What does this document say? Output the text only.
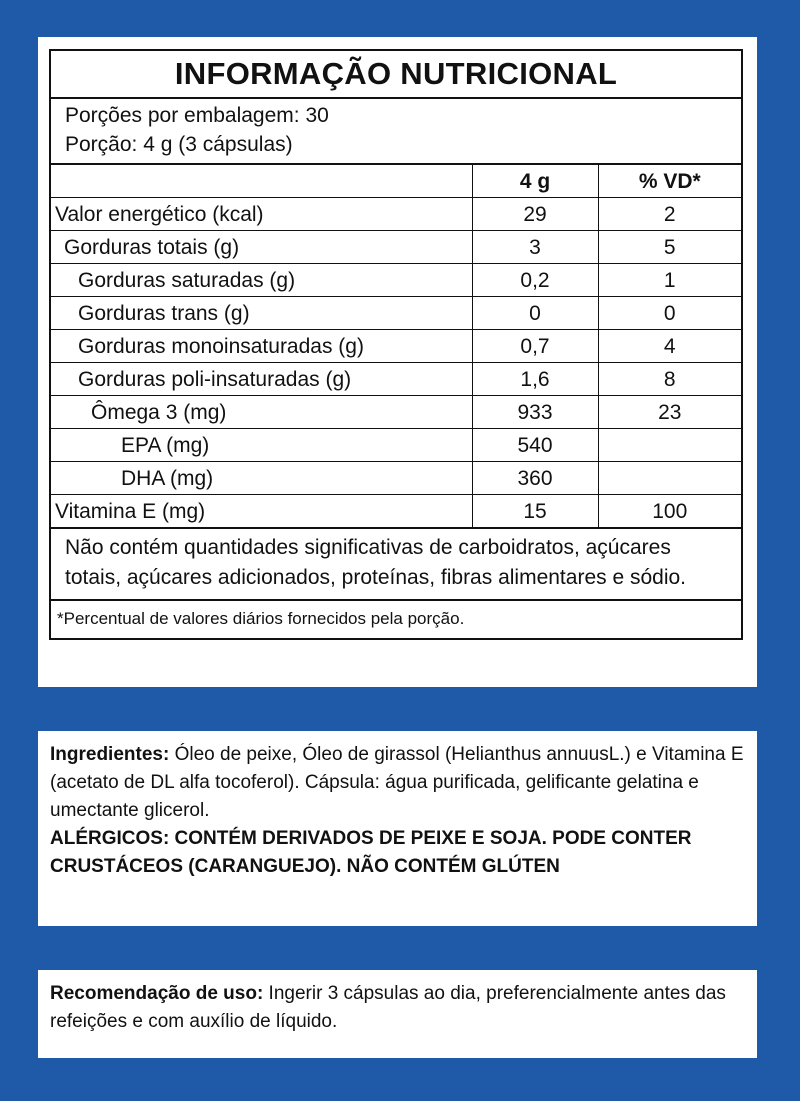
INFORMAÇÃO NUTRICIONAL
Porções por embalagem: 30
Porção: 4 g (3 cápsulas)
	4 g	% VD*
Valor energético (kcal)	29	2
Gorduras totais (g)	3	5
Gorduras saturadas (g)	0,2	1
Gorduras trans (g)	0	0
Gorduras monoinsaturadas (g)	0,7	4
Gorduras poli-insaturadas (g)	1,6	8
Ômega 3 (mg)	933	23
EPA (mg)	540	
DHA (mg)	360	
Vitamina E (mg)	15	100
Não contém quantidades significativas de carboidratos, açúcares totais, açúcares adicionados, proteínas, fibras alimentares e sódio.
*Percentual de valores diários fornecidos pela porção.
Ingredientes: Óleo de peixe, Óleo de girassol (Helianthus annuusL.) e Vitamina E (acetato de DL alfa tocoferol). Cápsula: água purificada, gelificante gelatina e umectante glicerol.
ALÉRGICOS: CONTÉM DERIVADOS DE PEIXE E SOJA. PODE CONTER CRUSTÁCEOS (CARANGUEJO). NÃO CONTÉM GLÚTEN
Recomendação de uso: Ingerir 3 cápsulas ao dia, preferencialmente antes das refeições e com auxílio de líquido.
